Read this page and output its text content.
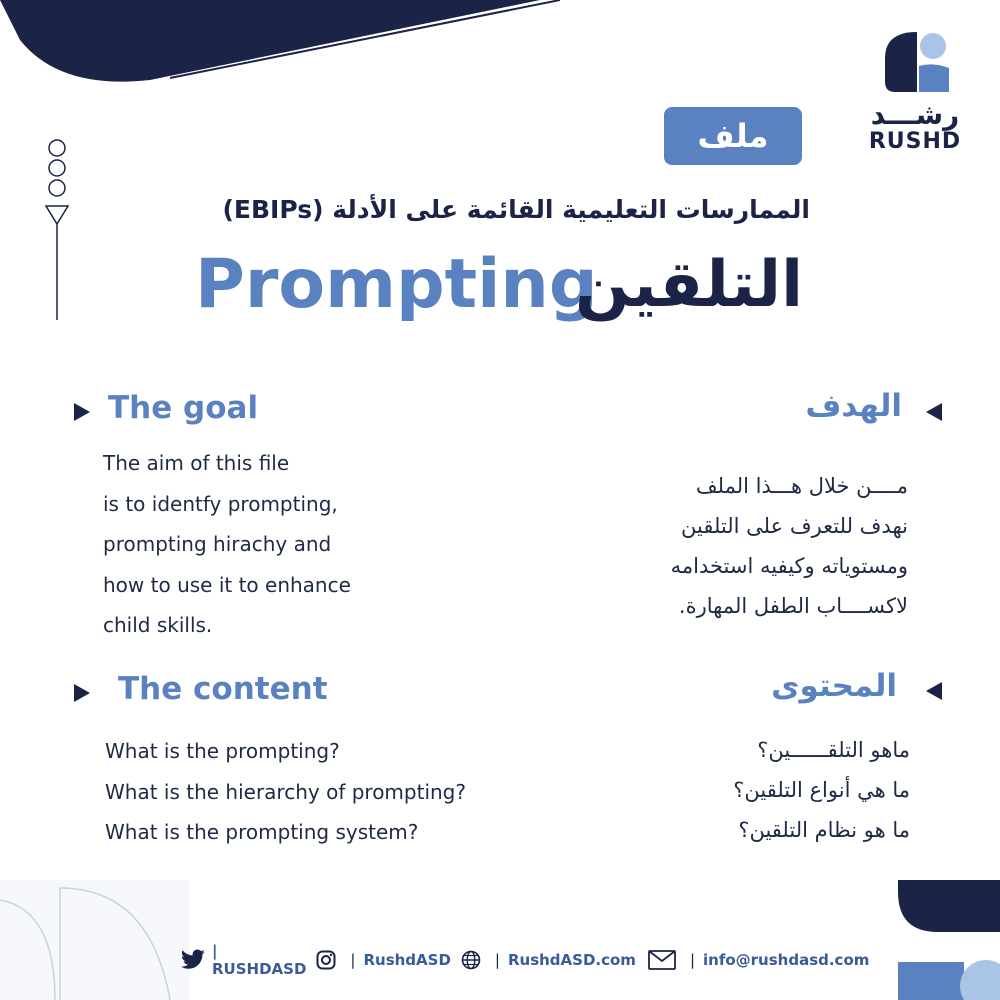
رشـــد
RUSHD
ملف
الممارسات التعليمية القائمة على الأدلة (EBIPs)
Prompting
التلقين
The goal
The aim of this file
is to identfy prompting,
prompting hirachy and
how to use it to enhance
child skills.
الهدف
مــــن خلال هـــذا الملف
نهدف للتعرف على التلقين
ومستوياته وكيفيه استخدامه
لاكســــاب الطفل المهارة.
The content
What is the prompting?
What is the hierarchy of prompting?
What is the prompting system?
المحتوى
ماهو التلقــــــين؟
ما هي أنواع التلقين؟
ما هو نظام التلقين؟
| RUSHDASD	| RushdASD	| RushdASD.com	| info@rushdasd.com
